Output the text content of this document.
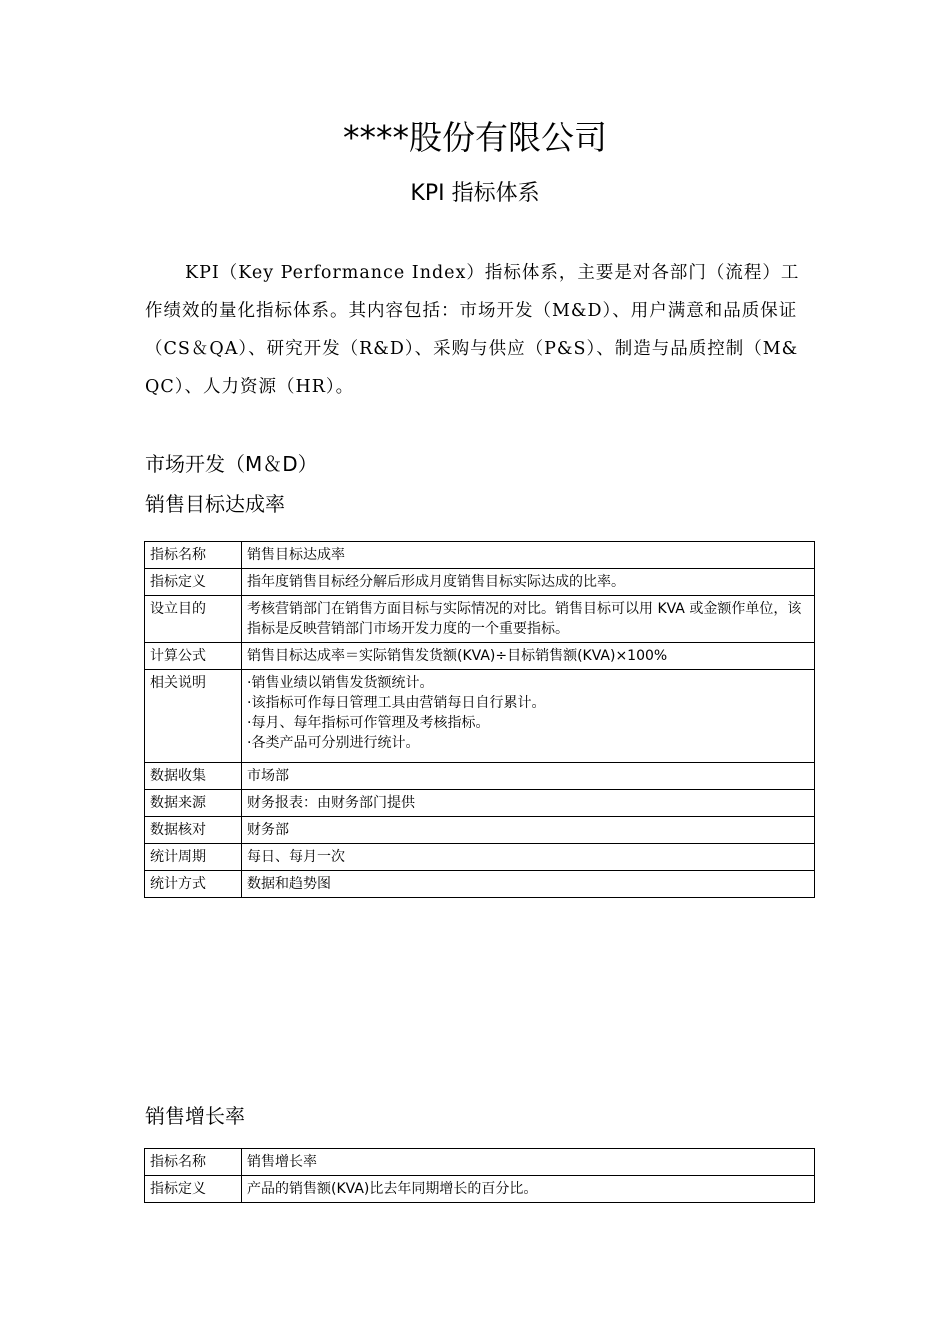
****股份有限公司
KPI 指标体系

KPI（Key Performance Index）指标体系，主要是对各部门（流程）工作绩效的量化指标体系。其内容包括：市场开发（M&D）、用户满意和品质保证（CS＆QA）、研究开发（R&D）、采购与供应（P&S）、制造与品质控制（M&QC）、人力资源（HR）。

市场开发（M＆D）

销售目标达成率

指标名称	销售目标达成率
指标定义	指年度销售目标经分解后形成月度销售目标实际达成的比率。
设立目的	考核营销部门在销售方面目标与实际情况的对比。销售目标可以用 KVA 或金额作单位，该指标是反映营销部门市场开发力度的一个重要指标。
计算公式	销售目标达成率＝实际销售发货额(KVA)÷目标销售额(KVA)×100%
相关说明	·销售业绩以销售发货额统计。
·该指标可作每日管理工具由营销每日自行累计。
·每月、每年指标可作管理及考核指标。
·各类产品可分别进行统计。

数据收集	市场部
数据来源	财务报表：由财务部门提供
数据核对	财务部
统计周期	每日、每月一次
统计方式	数据和趋势图

销售增长率

指标名称	销售增长率
指标定义	产品的销售额(KVA)比去年同期增长的百分比。
